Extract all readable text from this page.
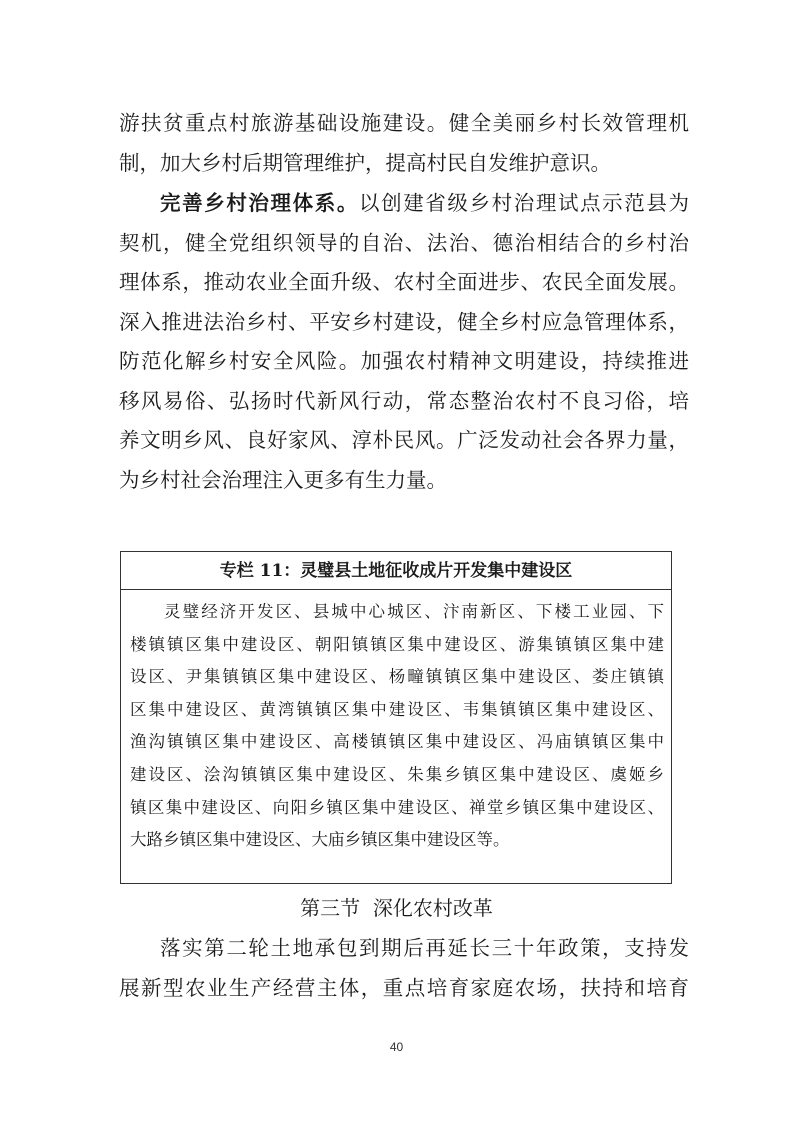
游扶贫重点村旅游基础设施建设。健全美丽乡村长效管理机
制，加大乡村后期管理维护，提高村民自发维护意识。
完善乡村治理体系。以创建省级乡村治理试点示范县为
契机，健全党组织领导的自治、法治、德治相结合的乡村治
理体系，推动农业全面升级、农村全面进步、农民全面发展。
深入推进法治乡村、平安乡村建设，健全乡村应急管理体系，
防范化解乡村安全风险。加强农村精神文明建设，持续推进
移风易俗、弘扬时代新风行动，常态整治农村不良习俗，培
养文明乡风、良好家风、淳朴民风。广泛发动社会各界力量，
为乡村社会治理注入更多有生力量。
专栏 11：灵璧县土地征收成片开发集中建设区
灵璧经济开发区、县城中心城区、汴南新区、下楼工业园、下
楼镇镇区集中建设区、朝阳镇镇区集中建设区、游集镇镇区集中建
设区、尹集镇镇区集中建设区、杨疃镇镇区集中建设区、娄庄镇镇
区集中建设区、黄湾镇镇区集中建设区、韦集镇镇区集中建设区、
渔沟镇镇区集中建设区、高楼镇镇区集中建设区、冯庙镇镇区集中
建设区、浍沟镇镇区集中建设区、朱集乡镇区集中建设区、虞姬乡
镇区集中建设区、向阳乡镇区集中建设区、禅堂乡镇区集中建设区、
大路乡镇区集中建设区、大庙乡镇区集中建设区等。
第三节  深化农村改革
落实第二轮土地承包到期后再延长三十年政策，支持发
展新型农业生产经营主体，重点培育家庭农场，扶持和培育
40
